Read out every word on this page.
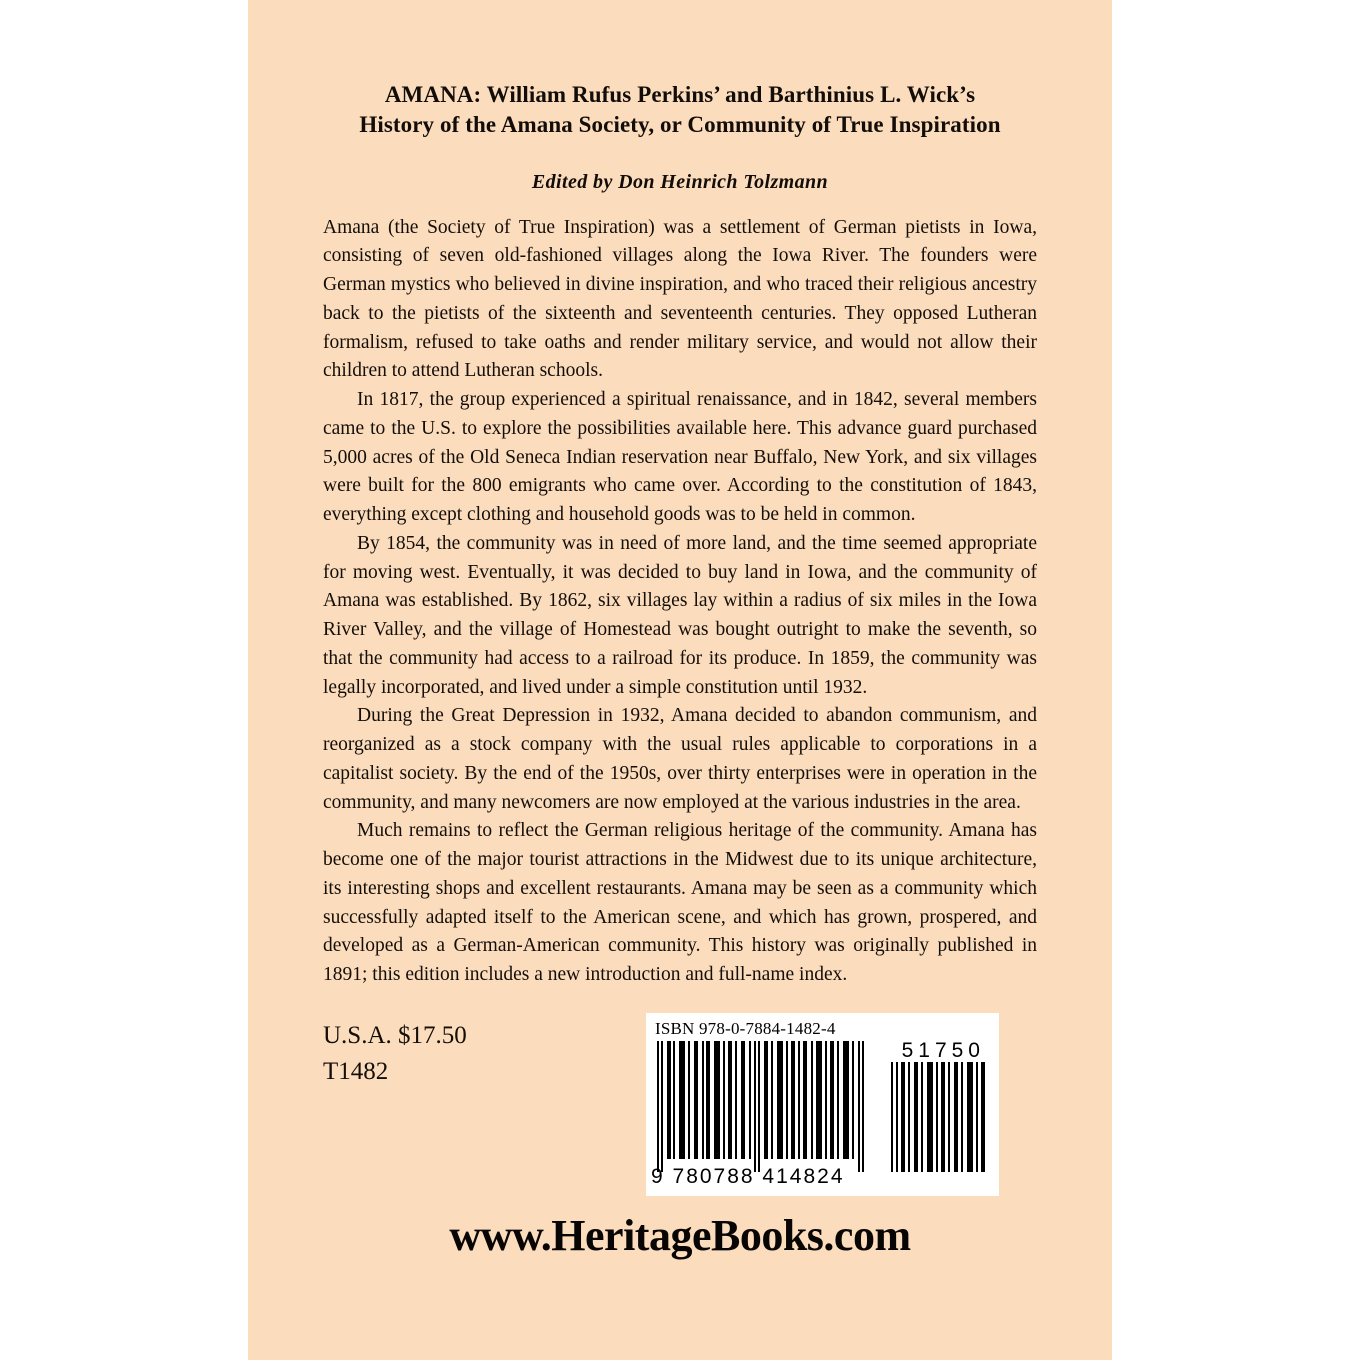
AMANA: William Rufus Perkins’ and Barthinius L. Wick’s
History of the Amana Society, or Community of True Inspiration
Edited by Don Heinrich Tolzmann

Amana (the Society of True Inspiration) was a settlement of German pietists in Iowa, consisting of seven old-fashioned villages along the Iowa River. The founders were German mystics who believed in divine inspiration, and who traced their religious ancestry back to the pietists of the sixteenth and seventeenth centuries. They opposed Lutheran formalism, refused to take oaths and render military service, and would not allow their children to attend Lutheran schools.

In 1817, the group experienced a spiritual renaissance, and in 1842, several members came to the U.S. to explore the possibilities available here. This advance guard purchased 5,000 acres of the Old Seneca Indian reservation near Buffalo, New York, and six villages were built for the 800 emigrants who came over. According to the constitution of 1843, everything except clothing and household goods was to be held in common.

By 1854, the community was in need of more land, and the time seemed appropriate for moving west. Eventually, it was decided to buy land in Iowa, and the community of Amana was established. By 1862, six villages lay within a radius of six miles in the Iowa River Valley, and the village of Homestead was bought outright to make the seventh, so that the community had access to a railroad for its produce. In 1859, the community was legally incorporated, and lived under a simple constitution until 1932.

During the Great Depression in 1932, Amana decided to abandon communism, and reorganized as a stock company with the usual rules applicable to corporations in a capitalist society. By the end of the 1950s, over thirty enterprises were in operation in the community, and many newcomers are now employed at the various industries in the area.

Much remains to reflect the German religious heritage of the community. Amana has become one of the major tourist attractions in the Midwest due to its unique architecture, its interesting shops and excellent restaurants. Amana may be seen as a community which successfully adapted itself to the American scene, and which has grown, prospered, and developed as a German-American community. This history was originally published in 1891; this edition includes a new introduction and full-name index.

U.S.A. $17.50
T1482
ISBN 978-0-7884-1482-4
51750
9 780788 414824
www.HeritageBooks.com
